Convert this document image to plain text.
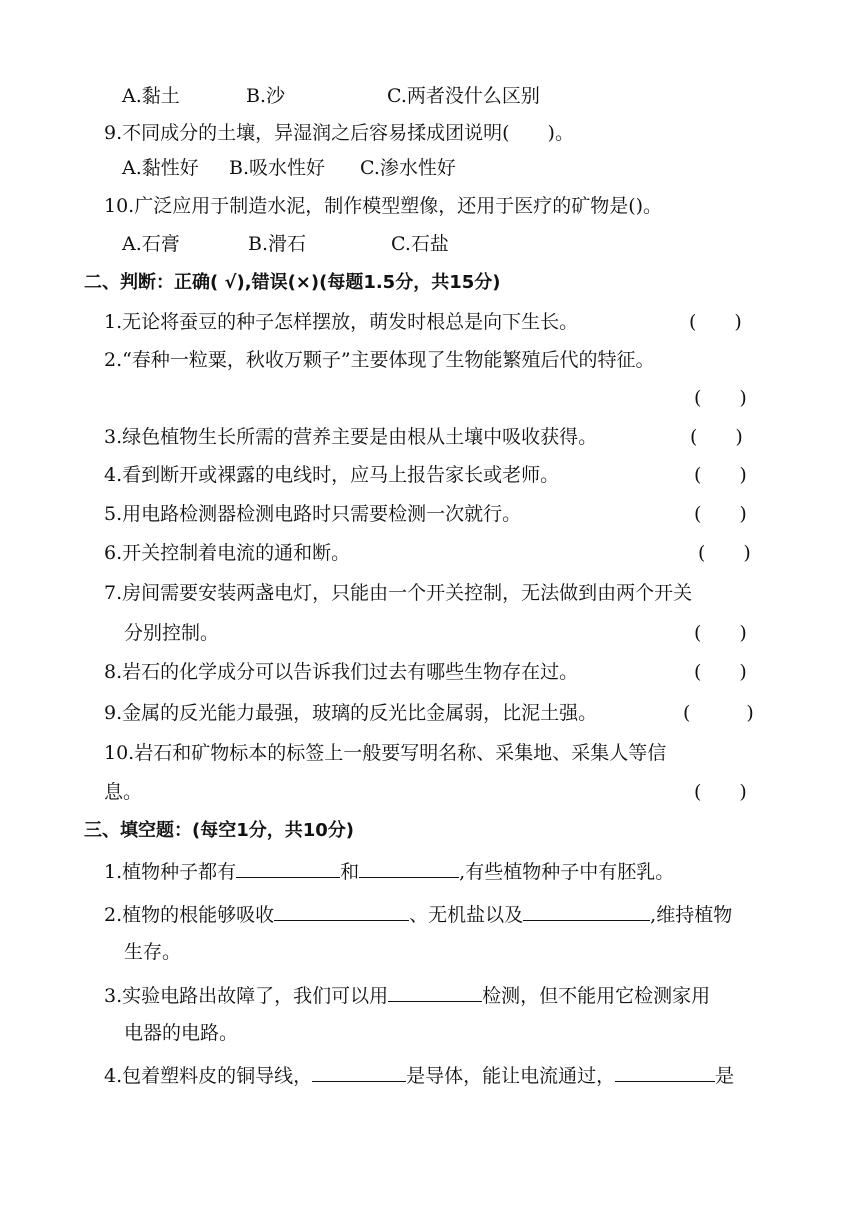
A.黏土	B.沙	C.两者没什么区别
9.不同成分的土壤，异湿润之后容易揉成团说明(　　)。
A.黏性好 B.吸水性好 C.渗水性好
10.广泛应用于制造水泥，制作模型塑像，还用于医疗的矿物是()。
A.石膏	B.滑石	C.石盐
二、判断：正确( √),错误(×)(每题1.5分，共15分)
1.无论将蚕豆的种子怎样摆放，萌发时根总是向下生长。	(　　)
2.“春种一粒粟，秋收万颗子”主要体现了生物能繁殖后代的特征。
(　　)
3.绿色植物生长所需的营养主要是由根从土壤中吸收获得。	(　　)
4.看到断开或裸露的电线时，应马上报告家长或老师。	(　　)
5.用电路检测器检测电路时只需要检测一次就行。	(　　)
6.开关控制着电流的通和断。	(　　)
7.房间需要安装两盏电灯，只能由一个开关控制，无法做到由两个开关
分别控制。	(　　)
8.岩石的化学成分可以告诉我们过去有哪些生物存在过。	(　　)
9.金属的反光能力最强，玻璃的反光比金属弱，比泥土强。	(　　)
10.岩石和矿物标本的标签上一般要写明名称、采集地、采集人等信
息。	(　　)
三、填空题：(每空1分，共10分)
1.植物种子都有	和	,有些植物种子中有胚乳。
2.植物的根能够吸收	、无机盐以及	,维持植物
生存。
3.实验电路出故障了，我们可以用	检测，但不能用它检测家用
电器的电路。
4.包着塑料皮的铜导线，	是导体，能让电流通过，	是
